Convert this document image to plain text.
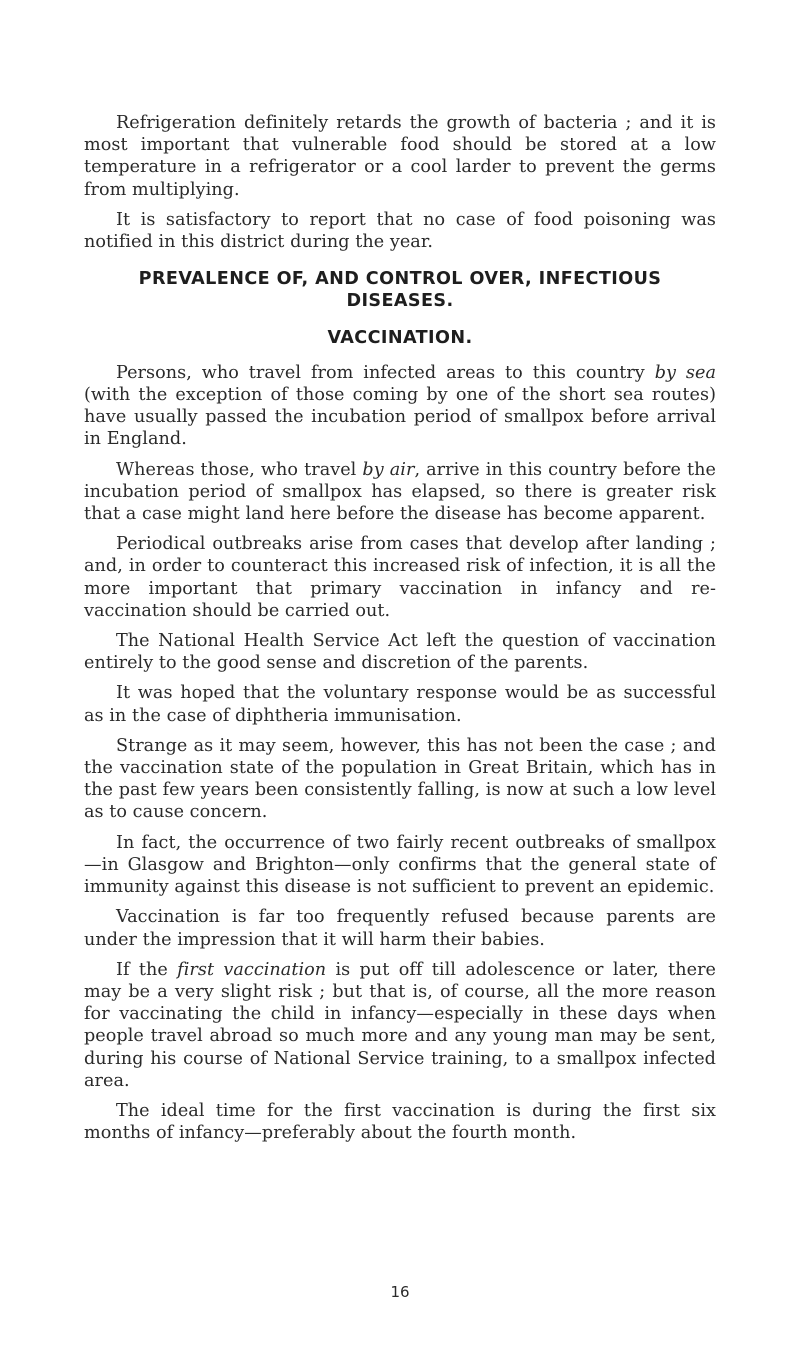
Refrigeration definitely retards the growth of bacteria ; and it is most important that vulnerable food should be stored at a low temperature in a refrigerator or a cool larder to prevent the germs from multiplying.

It is satisfactory to report that no case of food poisoning was notified in this district during the year.

PREVALENCE OF, AND CONTROL OVER, INFECTIOUS DISEASES.

VACCINATION.

Persons, who travel from infected areas to this country by sea (with the exception of those coming by one of the short sea routes) have usually passed the incubation period of smallpox before arrival in England.

Whereas those, who travel by air, arrive in this country before the incubation period of smallpox has elapsed, so there is greater risk that a case might land here before the disease has become apparent.

Periodical outbreaks arise from cases that develop after landing ; and, in order to counteract this increased risk of infection, it is all the more important that primary vaccination in infancy and re-vaccination should be carried out.

The National Health Service Act left the question of vaccination entirely to the good sense and discretion of the parents.

It was hoped that the voluntary response would be as successful as in the case of diphtheria immunisation.

Strange as it may seem, however, this has not been the case ; and the vaccination state of the population in Great Britain, which has in the past few years been consistently falling, is now at such a low level as to cause concern.

In fact, the occurrence of two fairly recent outbreaks of smallpox—in Glasgow and Brighton—only confirms that the general state of immunity against this disease is not sufficient to prevent an epidemic.

Vaccination is far too frequently refused because parents are under the impression that it will harm their babies.

If the first vaccination is put off till adolescence or later, there may be a very slight risk ; but that is, of course, all the more reason for vaccinating the child in infancy—especially in these days when people travel abroad so much more and any young man may be sent, during his course of National Service training, to a smallpox infected area.

The ideal time for the first vaccination is during the first six months of infancy—preferably about the fourth month.

16
